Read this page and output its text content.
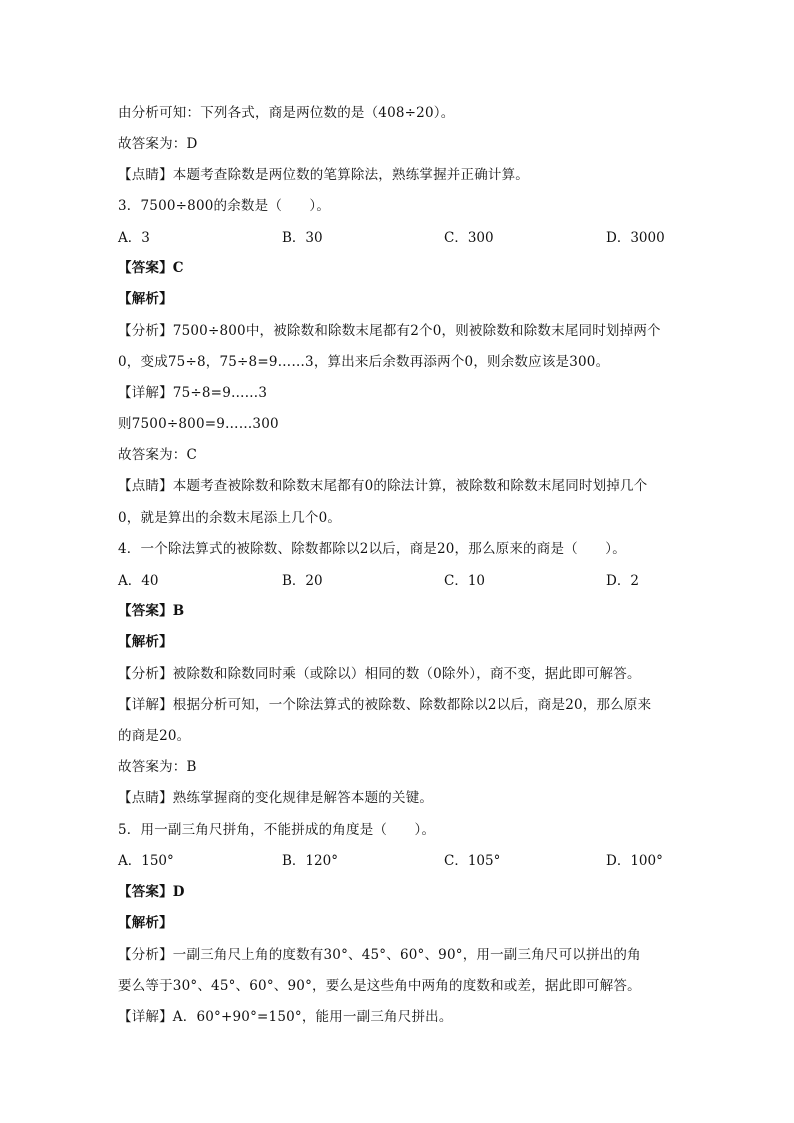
由分析可知：下列各式，商是两位数的是（408÷20）。
故答案为：D
【点睛】本题考查除数是两位数的笔算除法，熟练掌握并正确计算。
3．7500÷800的余数是（　　）。
A．3	B．30	C．300	D．3000
【答案】C
【解析】
【分析】7500÷800中，被除数和除数末尾都有2个0，则被除数和除数末尾同时划掉两个
0，变成75÷8，75÷8=9……3，算出来后余数再添两个0，则余数应该是300。
【详解】75÷8=9……3
则7500÷800=9……300
故答案为：C
【点睛】本题考查被除数和除数末尾都有0的除法计算，被除数和除数末尾同时划掉几个
0，就是算出的余数末尾添上几个0。
4．一个除法算式的被除数、除数都除以2以后，商是20，那么原来的商是（　　）。
A．40	B．20	C．10	D．2
【答案】B
【解析】
【分析】被除数和除数同时乘（或除以）相同的数（0除外），商不变，据此即可解答。
【详解】根据分析可知，一个除法算式的被除数、除数都除以2以后，商是20，那么原来
的商是20。
故答案为：B
【点睛】熟练掌握商的变化规律是解答本题的关键。
5．用一副三角尺拼角，不能拼成的角度是（　　）。
A．150°	B．120°	C．105°	D．100°
【答案】D
【解析】
【分析】一副三角尺上角的度数有30°、45°、60°、90°，用一副三角尺可以拼出的角
要么等于30°、45°、60°、90°，要么是这些角中两角的度数和或差，据此即可解答。
【详解】A．60°+90°=150°，能用一副三角尺拼出。
